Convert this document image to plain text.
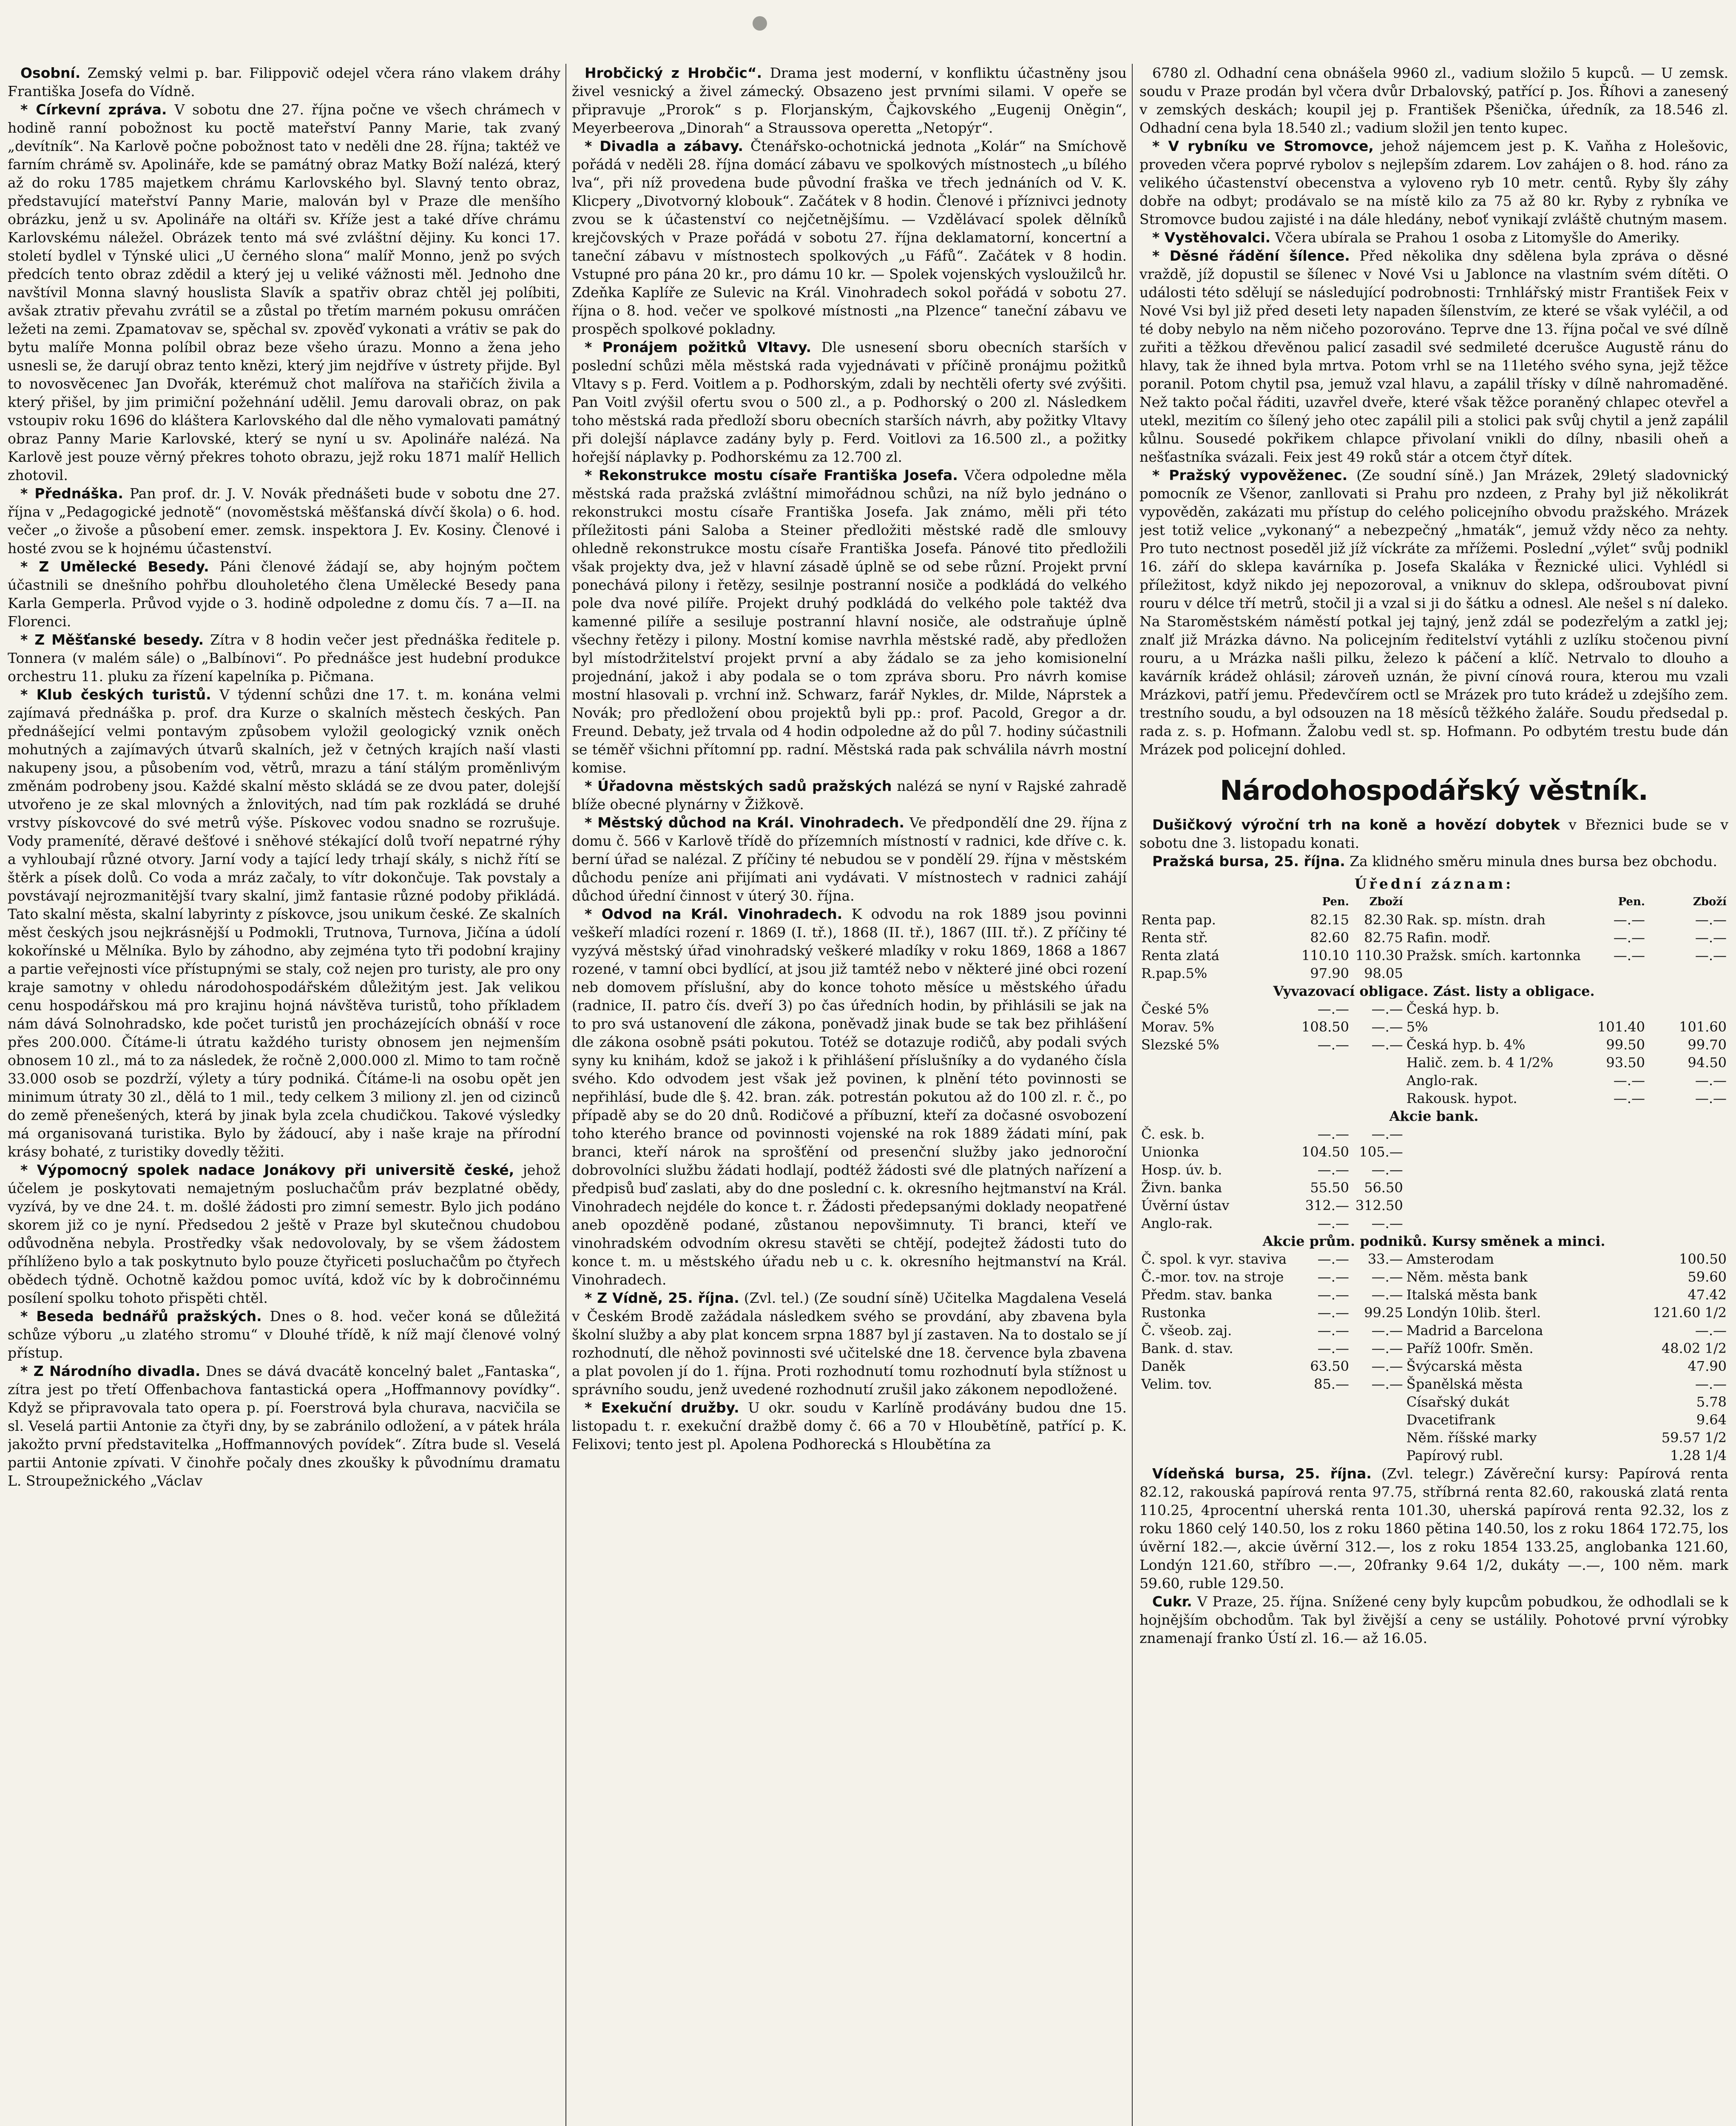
Osobní. Zemský velmi p. bar. Filippovič odejel včera ráno vlakem dráhy Františka Josefa do Vídně.

* Církevní zpráva. V sobotu dne 27. října počne ve všech chrámech v hodině ranní pobožnost ku poctě mateřství Panny Marie, tak zvaný „devítník“. Na Karlově počne pobožnost tato v neděli dne 28. října; taktéž ve farním chrámě sv. Apolináře, kde se památný obraz Matky Boží nalézá, který až do roku 1785 majetkem chrámu Karlovského byl. Slavný tento obraz, představující mateřství Panny Marie, malován byl v Praze dle menšího obrázku, jenž u sv. Apolináře na oltáři sv. Kříže jest a také dříve chrámu Karlovskému náležel. Obrázek tento má své zvláštní dějiny. Ku konci 17. století bydlel v Týnské ulici „U černého slona“ malíř Monno, jenž po svých předcích tento obraz zdědil a který jej u veliké vážnosti měl. Jednoho dne navštívil Monna slavný houslista Slavík a spatřiv obraz chtěl jej políbiti, avšak ztrativ převahu zvrátil se a zůstal po třetím marném pokusu omráčen ležeti na zemi. Zpamatovav se, spěchal sv. zpověď vykonati a vrátiv se pak do bytu malíře Monna políbil obraz beze všeho úrazu. Monno a žena jeho usnesli se, že darují obraz tento knězi, který jim nejdříve v ústrety přijde. Byl to novosvěcenec Jan Dvořák, kterémuž chot malířova na stařičích živila a který přišel, by jim primiční požehnání udělil. Jemu darovali obraz, on pak vstoupiv roku 1696 do kláštera Karlovského dal dle něho vymalovati památný obraz Panny Marie Karlovské, který se nyní u sv. Apolináře nalézá. Na Karlově jest pouze věrný překres tohoto obrazu, jejž roku 1871 malíř Hellich zhotovil.

* Přednáška. Pan prof. dr. J. V. Novák přednášeti bude v sobotu dne 27. října v „Pedagogické jednotě“ (novoměstská měšťanská dívčí škola) o 6. hod. večer „o živoše a působení emer. zemsk. inspektora J. Ev. Kosiny. Členové i hosté zvou se k hojnému účastenství.

* Z Umělecké Besedy. Páni členové žádají se, aby hojným počtem účastnili se dnešního pohřbu dlouholetého člena Umělecké Besedy pana Karla Gemperla. Průvod vyjde o 3. hodině odpoledne z domu čís. 7 a—II. na Florenci.

* Z Měšťanské besedy. Zítra v 8 hodin večer jest přednáška ředitele p. Tonnera (v malém sále) o „Balbínovi“. Po přednášce jest hudební produkce orchestru 11. pluku za řízení kapelníka p. Pičmana.

* Klub českých turistů. V týdenní schůzi dne 17. t. m. konána velmi zajímavá přednáška p. prof. dra Kurze o skalních městech českých. Pan přednášející velmi pontavým způsobem vyložil geologický vznik oněch mohutných a zajímavých útvarů skalních, jež v četných krajích naší vlasti nakupeny jsou, a působením vod, větrů, mrazu a tání stálým proměnlivým změnám podrobeny jsou. Každé skalní město skládá se ze dvou pater, dolejší utvořeno je ze skal mlovných a žnlovitých, nad tím pak rozkládá se druhé vrstvy pískovcové do své metrů výše. Pískovec vodou snadno se rozrušuje. Vody prameníté, děravé dešťové i sněhové stékající dolů tvoří nepatrné rýhy a vyhloubají různé otvory. Jarní vody a tající ledy trhají skály, s nichž řítí se štěrk a písek dolů. Co voda a mráz začaly, to vítr dokončuje. Tak povstaly a povstávají nejrozmanitější tvary skalní, jimž fantasie různé podoby přikládá. Tato skalní města, skalní labyrinty z pískovce, jsou unikum české. Ze skalních měst českých jsou nejkrásnější u Podmokli, Trutnova, Turnova, Jičína a údolí kokořínské u Mělníka. Bylo by záhodno, aby zejména tyto tři podobní krajiny a partie veřejnosti více přístupnými se staly, což nejen pro turisty, ale pro ony kraje samotny v ohledu národohospodářském důležitým jest. Jak velikou cenu hospodářskou má pro krajinu hojná návštěva turistů, toho příkladem nám dává Solnohradsko, kde počet turistů jen procházejících obnáší v roce přes 200.000. Čítáme-li útratu každého turisty obnosem jen nejmenším obnosem 10 zl., má to za následek, že ročně 2,000.000 zl. Mimo to tam ročně 33.000 osob se pozdrží, výlety a túry podniká. Čítáme-li na osobu opět jen minimum útraty 30 zl., dělá to 1 mil., tedy celkem 3 miliony zl. jen od cizinců do země přenešených, která by jinak byla zcela chudičkou. Takové výsledky má organisovaná turistika. Bylo by žádoucí, aby i naše kraje na přírodní krásy bohaté, z turistiky dovedly těžiti.

* Výpomocný spolek nadace Jonákovy při universitě české, jehož účelem je poskytovati nemajetným posluchačům práv bezplatné obědy, vyzívá, by ve dne 24. t. m. došlé žádosti pro zimní semestr. Bylo jich podáno skorem již co je nyní. Předsedou 2 ještě v Praze byl skutečnou chudobou odůvodněna nebyla. Prostředky však nedovolovaly, by se všem žádostem příhlíženo bylo a tak poskytnuto bylo pouze čtyřiceti posluchačům po čtyřech obědech týdně. Ochotně každou pomoc uvítá, kdož víc by k dobročinnému posílení spolku tohoto přispěti chtěl.

* Beseda bednářů pražských. Dnes o 8. hod. večer koná se důležitá schůze výboru „u zlatého stromu“ v Dlouhé třídě, k níž mají členové volný přístup.

* Z Národního divadla. Dnes se dává dvacátě koncelný balet „Fantaska“, zítra jest po třetí Offenbachova fantastická opera „Hoffmannovy povídky“. Když se připravovala tato opera p. pí. Foerstrová byla churava, nacvičila se sl. Veselá partii Antonie za čtyři dny, by se zabránilo odložení, a v pátek hrála jakožto první představitelka „Hoffmannových povídek“. Zítra bude sl. Veselá partii Antonie zpívati. V činohře počaly dnes zkoušky k původnímu dramatu L. Stroupežnického „Václav

Hrobčický z Hrobčic“. Drama jest moderní, v konfliktu účastněny jsou živel vesnický a živel zámecký. Obsazeno jest prvními silami. V opeře se připravuje „Prorok“ s p. Florjanským, Čajkovského „Eugenij Oněgin“, Meyerbeerova „Dinorah“ a Straussova operetta „Netopýr“.

* Divadla a zábavy. Čtenářsko-ochotnická jednota „Kolár“ na Smíchově pořádá v neděli 28. října domácí zábavu ve spolkových místnostech „u bílého lva“, při níž provedena bude původní fraška ve třech jednáních od V. K. Klicpery „Divotvorný klobouk“. Začátek v 8 hodin. Členové i příznivci jednoty zvou se k účastenství co nejčetnějšímu. — Vzdělávací spolek dělníků krejčovských v Praze pořádá v sobotu 27. října deklamatorní, koncertní a taneční zábavu v místnostech spolkových „u Fáfů“. Začátek v 8 hodin. Vstupné pro pána 20 kr., pro dámu 10 kr. — Spolek vojenských vysloužilců hr. Zdeňka Kaplíře ze Sulevic na Král. Vinohradech sokol pořádá v sobotu 27. října o 8. hod. večer ve spolkové místnosti „na Plzence“ taneční zábavu ve prospěch spolkové pokladny.

* Pronájem požitků Vltavy. Dle usnesení sboru obecních starších v poslední schůzi měla městská rada vyjednávati v příčině pronájmu požitků Vltavy s p. Ferd. Voitlem a p. Podhorským, zdali by nechtěli oferty své zvýšiti. Pan Voitl zvýšil ofertu svou o 500 zl., a p. Podhorský o 200 zl. Následkem toho městská rada předloží sboru obecních starších návrh, aby požitky Vltavy při dolejší náplavce zadány byly p. Ferd. Voitlovi za 16.500 zl., a požitky hořejší náplavky p. Podhorskému za 12.700 zl.

* Rekonstrukce mostu císaře Františka Josefa. Včera odpoledne měla městská rada pražská zvláštní mimořádnou schůzi, na níž bylo jednáno o rekonstrukci mostu císaře Františka Josefa. Jak známo, měli při této příležitosti páni Saloba a Steiner předložiti městské radě dle smlouvy ohledně rekonstrukce mostu císaře Františka Josefa. Pánové tito předložili však projekty dva, jež v hlavní zásadě úplně se od sebe různí. Projekt první ponechává pilony i řetězy, sesilnje postranní nosiče a podkládá do velkého pole dva nové pilíře. Projekt druhý podkládá do velkého pole taktéž dva kamenné pilíře a sesiluje postranní hlavní nosiče, ale odstraňuje úplně všechny řetězy i pilony. Mostní komise navrhla městské radě, aby předložen byl místodržitelství projekt první a aby žádalo se za jeho komisionelní projednání, jakož i aby podala se o tom zpráva sboru. Pro návrh komise mostní hlasovali p. vrchní inž. Schwarz, farář Nykles, dr. Milde, Náprstek a Novák; pro předložení obou projektů byli pp.: prof. Pacold, Gregor a dr. Freund. Debaty, jež trvala od 4 hodin odpoledne až do půl 7. hodiny súčastnili se téměř všichni přítomní pp. radní. Městská rada pak schválila návrh mostní komise.

* Úřadovna městských sadů pražských nalézá se nyní v Rajské zahradě blíže obecné plynárny v Žižkově.

* Městský důchod na Král. Vinohradech. Ve předpondělí dne 29. října z domu č. 566 v Karlově třídě do přízemních místností v radnici, kde dříve c. k. berní úřad se nalézal. Z příčiny té nebudou se v pondělí 29. října v městském důchodu peníze ani přijímati ani vydávati. V místnostech v radnici zahájí důchod úřední činnost v úterý 30. října.

* Odvod na Král. Vinohradech. K odvodu na rok 1889 jsou povinni veškeří mladíci rození r. 1869 (I. tř.), 1868 (II. tř.), 1867 (III. tř.). Z příčiny té vyzývá městský úřad vinohradský veškeré mladíky v roku 1869, 1868 a 1867 rozené, v tamní obci bydlící, at jsou již tamtéž nebo v některé jiné obci rození neb domovem příslušní, aby do konce tohoto měsíce u městského úřadu (radnice, II. patro čís. dveří 3) po čas úředních hodin, by přihlásili se jak na to pro svá ustanovení dle zákona, poněvadž jinak bude se tak bez přihlášení dle zákona osobně psáti pokutou. Totéž se dotazuje rodičů, aby podali svých syny ku knihám, kdož se jakož i k přihlášení příslušníky a do vydaného čísla svého. Kdo odvodem jest však jež povinen, k plnění této povinnosti se nepřihlásí, bude dle §. 42. bran. zák. potrestán pokutou až do 100 zl. r. č., po případě aby se do 20 dnů. Rodičové a příbuzní, kteří za dočasné osvobození toho kterého brance od povinnosti vojenské na rok 1889 žádati míní, pak branci, kteří nárok na sprošťění od presenční služby jako jednoroční dobrovolníci službu žádati hodlají, podtéž žádosti své dle platných nařízení a předpisů buď zaslati, aby do dne poslední c. k. okresního hejtmanství na Král. Vinohradech nejdéle do konce t. r. Žádosti předepsanými doklady neopatřené aneb opozděně podané, zůstanou nepovšimnuty. Ti branci, kteří ve vinohradském odvodním okresu stavěti se chtějí, podejtež žádosti tuto do konce t. m. u městského úřadu neb u c. k. okresního hejtmanství na Král. Vinohradech.

* Z Vídně, 25. října. (Zvl. tel.) (Ze soudní síně) Učitelka Magdalena Veselá v Českém Brodě zažádala následkem svého se provdání, aby zbavena byla školní služby a aby plat koncem srpna 1887 byl jí zastaven. Na to dostalo se jí rozhodnutí, dle něhož povinnosti své učitelské dne 18. července byla zbavena a plat povolen jí do 1. října. Proti rozhodnutí tomu rozhodnutí byla stížnost u správního soudu, jenž uvedené rozhodnutí zrušil jako zákonem nepodložené.

* Exekuční družby. U okr. soudu v Karlíně prodávány budou dne 15. listopadu t. r. exekuční dražbě domy č. 66 a 70 v Hloubětíně, patřící p. K. Felixovi; tento jest pl. Apolena Podhorecká s Hloubětína za

6780 zl. Odhadní cena obnášela 9960 zl., vadium složilo 5 kupců. — U zemsk. soudu v Praze prodán byl včera dvůr Drbalovský, patřící p. Jos. Říhovi a zanesený v zemských deskách; koupil jej p. František Pšenička, úředník, za 18.546 zl. Odhadní cena byla 18.540 zl.; vadium složil jen tento kupec.

* V rybníku ve Stromovce, jehož nájemcem jest p. K. Vaňha z Holešovic, proveden včera poprvé rybolov s nejlepším zdarem. Lov zahájen o 8. hod. ráno za velikého účastenství obecenstva a vyloveno ryb 10 metr. centů. Ryby šly záhy dobře na odbyt; prodávalo se na místě kilo za 75 až 80 kr. Ryby z rybníka ve Stromovce budou zajisté i na dále hledány, neboť vynikají zvláště chutným masem.

* Vystěhovalci. Včera ubírala se Prahou 1 osoba z Litomyšle do Ameriky.

* Děsné řádění šílence. Před několika dny sdělena byla zpráva o děsné vraždě, jíž dopustil se šílenec v Nové Vsi u Jablonce na vlastním svém dítěti. O události této sdělují se následující podrobnosti: Trnhlářský mistr František Feix v Nové Vsi byl již před deseti lety napaden šílenstvím, ze které se však vyléčil, a od té doby nebylo na něm ničeho pozorováno. Teprve dne 13. října počal ve své dílně zuřiti a těžkou dřevěnou palicí zasadil své sedmileté dcerušce Augustě ránu do hlavy, tak že ihned byla mrtva. Potom vrhl se na 11letého svého syna, jejž těžce poranil. Potom chytil psa, jemuž vzal hlavu, a zapálil třísky v dílně nahromaděné. Než takto počal řáditi, uzavřel dveře, které však těžce poraněný chlapec otevřel a utekl, mezitím co šílený jeho otec zapálil pili a stolici pak svůj chytil a jenž zapálil kůlnu. Sousedé pokřikem chlapce přivolaní vnikli do dílny, nbasili oheň a nešťastníka svázali. Feix jest 49 roků stár a otcem čtyř dítek.

* Pražský vypověženec. (Ze soudní síně.) Jan Mrázek, 29letý sladovnický pomocník ze Všenor, zanllovati si Prahu pro nzdeen, z Prahy byl již několikrát vypověděn, zakázati mu přístup do celého policejního obvodu pražského. Mrázek jest totiž velice „vykonaný“ a nebezpečný „hmaták“, jemuž vždy něco za nehty. Pro tuto nectnost poseděl již jíž víckráte za mřížemi. Poslední „výlet“ svůj podnikl 16. září do sklepa kavárníka p. Josefa Skaláka v Řeznické ulici. Vyhlédl si příležitost, když nikdo jej nepozoroval, a vniknuv do sklepa, odšroubovat pivní rouru v délce tří metrů, stočil ji a vzal si ji do šátku a odnesl. Ale nešel s ní daleko. Na Staroměstském náměstí potkal jej tajný, jenž zdál se podezřelým a zatkl jej; znalť již Mrázka dávno. Na policejním ředitelství vytáhli z uzlíku stočenou pivní rouru, a u Mrázka našli pilku, železo k páčení a klíč. Netrvalo to dlouho a kavárník krádež ohlásil; zároveň uznán, že pivní cínová roura, kterou mu vzali Mrázkovi, patří jemu. Předevčírem octl se Mrázek pro tuto krádež u zdejšího zem. trestního soudu, a byl odsouzen na 18 měsíců těžkého žaláře. Soudu předsedal p. rada z. s. p. Hofmann. Žalobu vedl st. sp. Hofmann. Po odbytém trestu bude dán Mrázek pod policejní dohled.

Národohospodářský věstník.

Dušičkový výroční trh na koně a hovězí dobytek v Březnici bude se v sobotu dne 3. listopadu konati.

Pražská bursa, 25. října. Za klidného směru minula dnes bursa bez obchodu.

Úřední záznam:
	Pen.	Zboží		Pen.	Zboží
Renta pap.	82.15	82.30	Rak. sp. místn. drah	—.—	—.—
Renta stř.	82.60	82.75	Rafin. modř.	—.—	—.—
Renta zlatá	110.10	110.30	Pražsk. smích. kartonnka	—.—	—.—
R.pap.5%	97.90	98.05			
Vyvazovací obligace. Zást. listy a obligace.					
České 5%	—.—	—.—	Česká hyp. b.		
Morav. 5%	108.50	—.—	5%	101.40	101.60
Slezské 5%	—.—	—.—	Česká hyp. b. 4%	99.50	99.70
			Halič. zem. b. 4 1/2%	93.50	94.50
			Anglo-rak.	—.—	—.—
			Rakousk. hypot.	—.—	—.—
Akcie bank.					
Č. esk. b.	—.—	—.—			
Unionka	104.50	105.—			
Hosp. úv. b.	—.—	—.—			
Živn. banka	55.50	56.50			
Úvěrní ústav	312.—	312.50			
Anglo-rak.	—.—	—.—			
Akcie prům. podniků. Kursy směnek a minci.					
Č. spol. k vyr. staviva	—.—	33.—	Amsterodam		100.50
Č.-mor. tov. na stroje	—.—	—.—	Něm. města bank		59.60
Předm. stav. banka	—.—	—.—	Italská města bank		47.42
Rustonka	—.—	99.25	Londýn 10lib. šterl.		121.60 1/2
Č. všeob. zaj.	—.—	—.—	Madrid a Barcelona		—.—
Bank. d. stav.	—.—	—.—	Paříž 100fr. Směn.		48.02 1/2
Daněk	63.50	—.—	Švýcarská města		47.90
Velim. tov.	85.—	—.—	Španělská města		—.—
			Císařský dukát		5.78
			Dvacetifrank		9.64
			Něm. říšské marky		59.57 1/2
			Papírový rubl.		1.28 1/4

Vídeňská bursa, 25. října. (Zvl. telegr.) Závěreční kursy: Papírová renta 82.12, rakouská papírová renta 97.75, stříbrná renta 82.60, rakouská zlatá renta 110.25, 4procentní uherská renta 101.30, uherská papírová renta 92.32, los z roku 1860 celý 140.50, los z roku 1860 pětina 140.50, los z roku 1864 172.75, los úvěrní 182.—, akcie úvěrní 312.—, los z roku 1854 133.25, anglobanka 121.60, Londýn 121.60, stříbro —.—, 20franky 9.64 1/2, dukáty —.—, 100 něm. mark 59.60, ruble 129.50.

Cukr. V Praze, 25. října. Snížené ceny byly kupcům pobudkou, že odhodlali se k hojnějším obchodům. Tak byl živější a ceny se ustálily. Pohotové první výrobky znamenají franko Ústí zl. 16.— až 16.05.
